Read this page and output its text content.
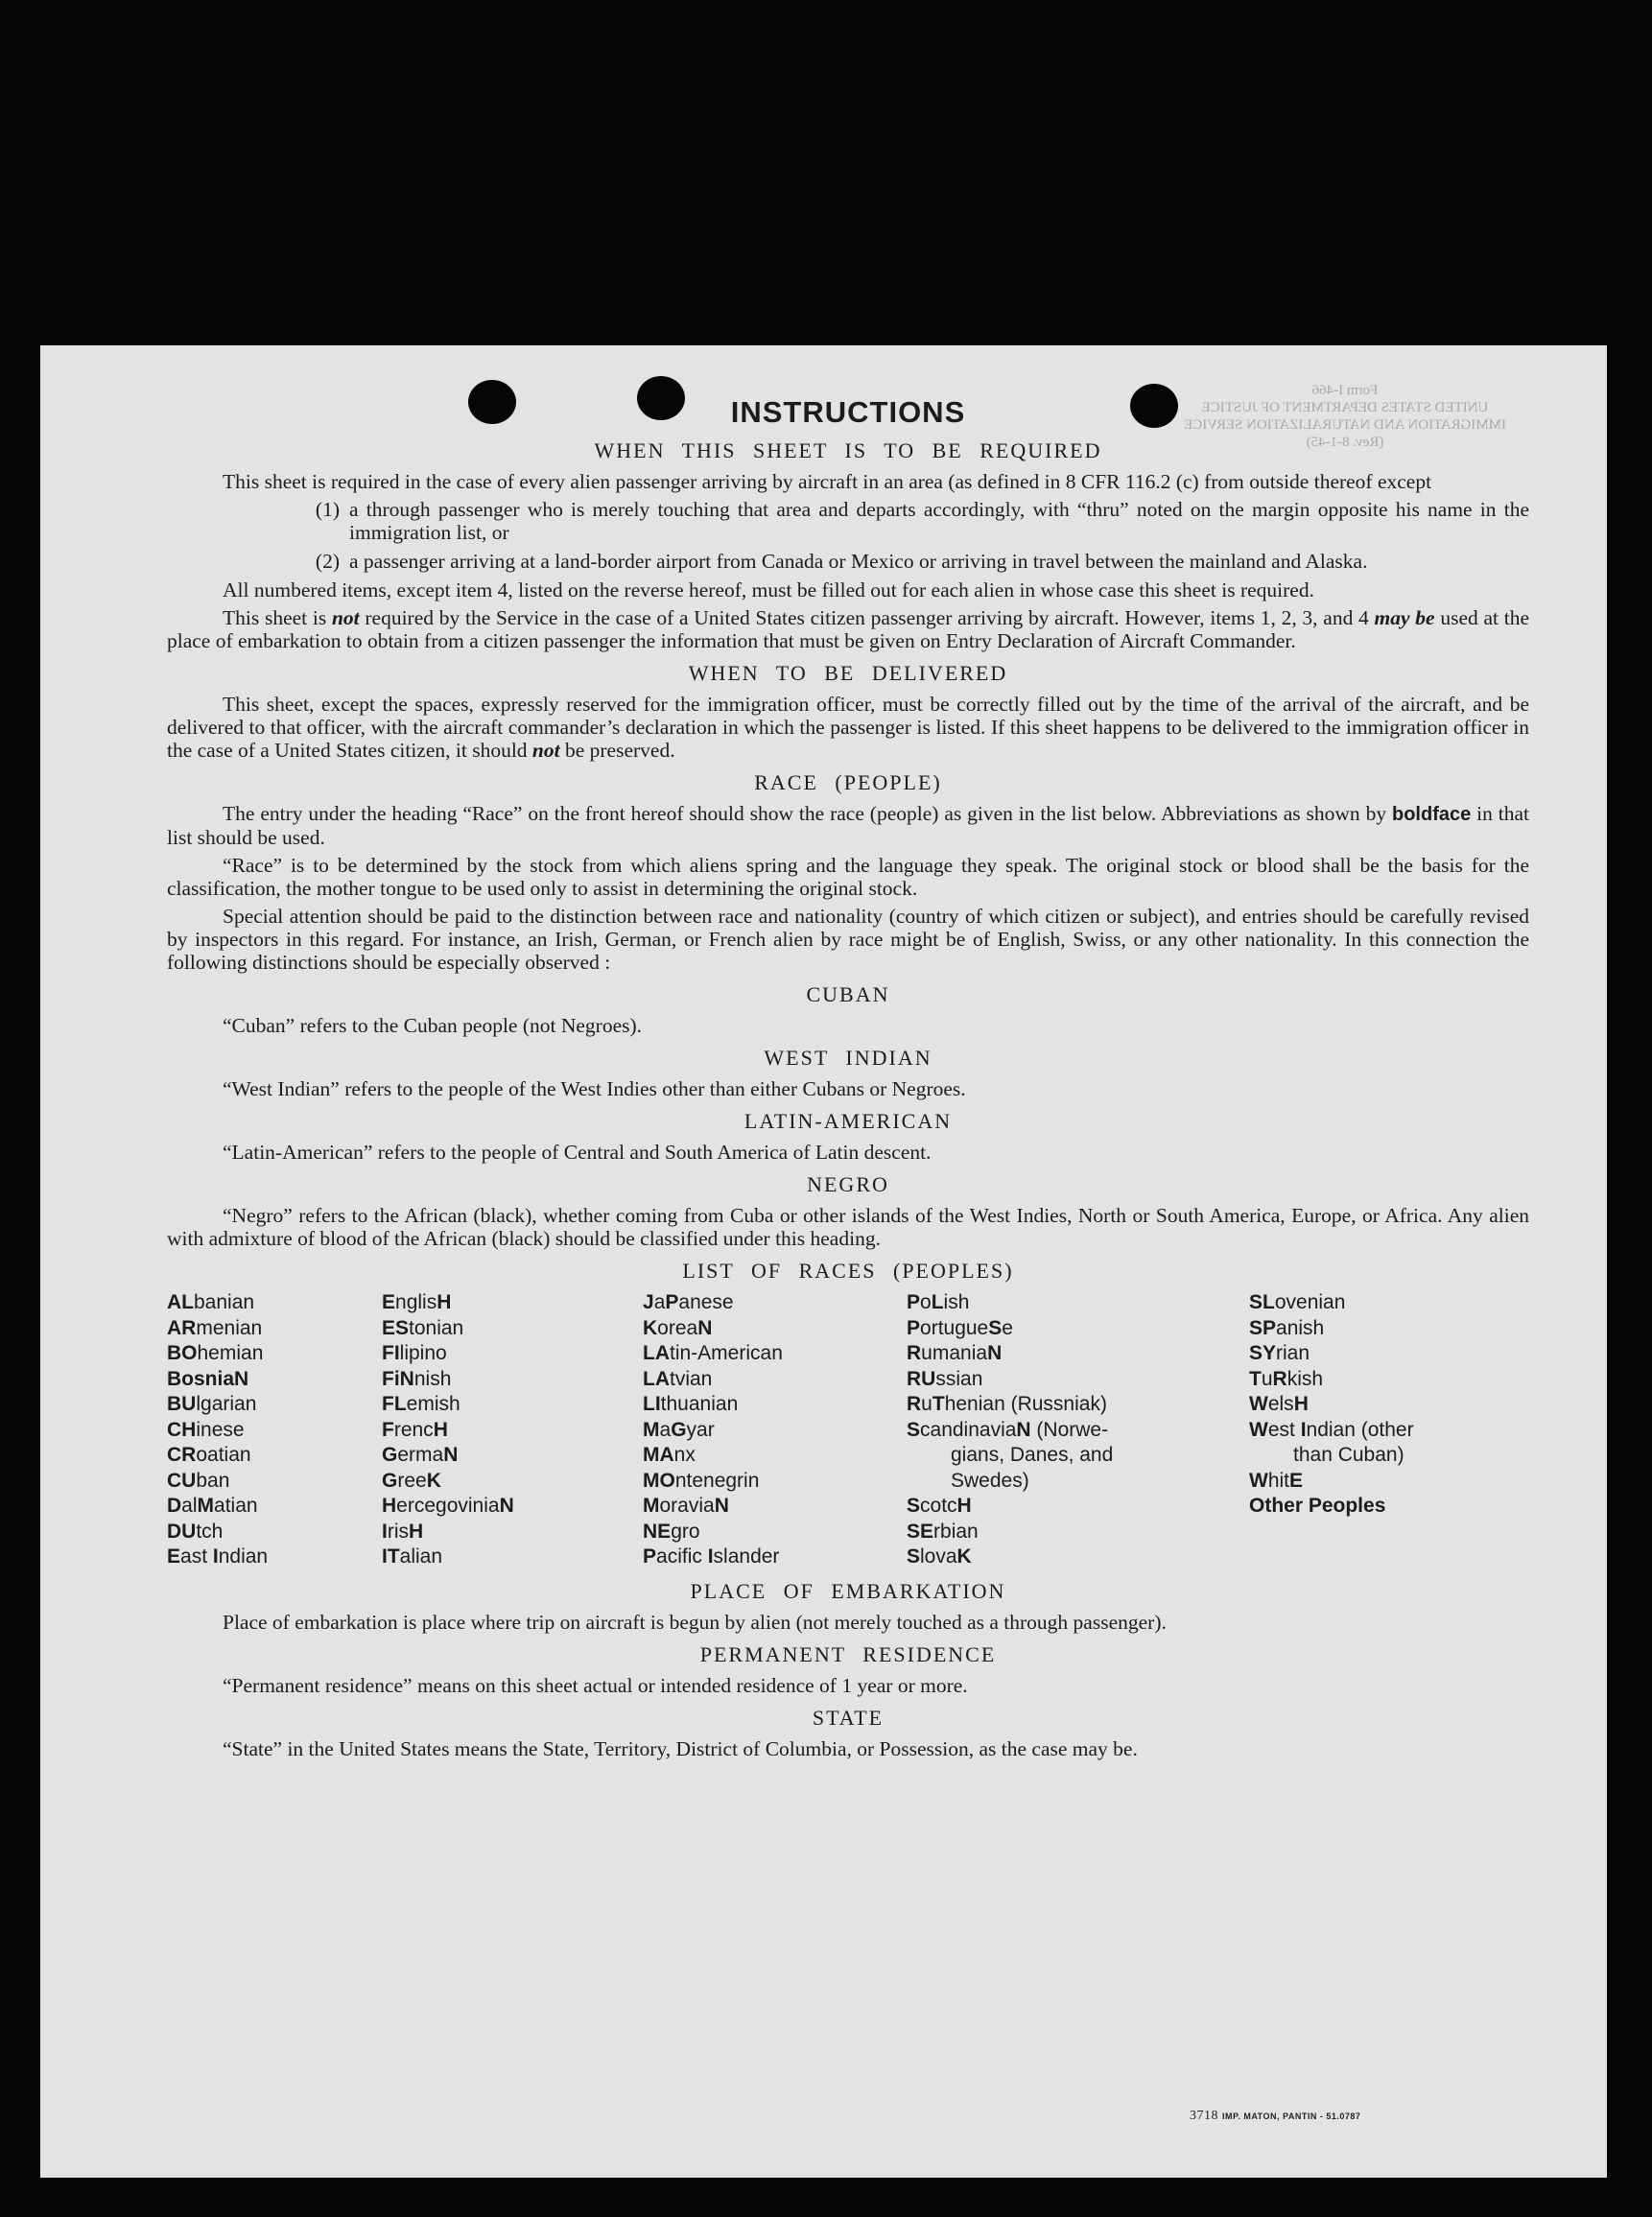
Form I-466
UNITED STATES DEPARTMENT OF JUSTICE
IMMIGRATION AND NATURALIZATION SERVICE
(Rev. 8-1-45)
INSTRUCTIONS
WHEN THIS SHEET IS TO BE REQUIRED

This sheet is required in the case of every alien passenger arriving by aircraft in an area (as defined in 8 CFR 116.2 (c) from outside thereof except

(1) a through passenger who is merely touching that area and departs accordingly, with “thru” noted on the margin opposite his name in the immigration list, or
(2) a passenger arriving at a land-border airport from Canada or Mexico or arriving in travel between the mainland and Alaska.

All numbered items, except item 4, listed on the reverse hereof, must be filled out for each alien in whose case this sheet is required.

This sheet is not required by the Service in the case of a United States citizen passenger arriving by aircraft. However, items 1, 2, 3, and 4 may be used at the place of embarkation to obtain from a citizen passenger the information that must be given on Entry Declaration of Aircraft Commander.

WHEN TO BE DELIVERED

This sheet, except the spaces, expressly reserved for the immigration officer, must be correctly filled out by the time of the arrival of the aircraft, and be delivered to that officer, with the aircraft commander’s declaration in which the passenger is listed. If this sheet happens to be delivered to the immigration officer in the case of a United States citizen, it should not be preserved.

RACE (PEOPLE)

The entry under the heading “Race” on the front hereof should show the race (people) as given in the list below. Abbreviations as shown by boldface in that list should be used.

“Race” is to be determined by the stock from which aliens spring and the language they speak. The original stock or blood shall be the basis for the classification, the mother tongue to be used only to assist in determining the original stock.

Special attention should be paid to the distinction between race and nationality (country of which citizen or subject), and entries should be carefully revised by inspectors in this regard. For instance, an Irish, German, or French alien by race might be of English, Swiss, or any other nationality. In this connection the following distinctions should be especially observed :

CUBAN

“Cuban” refers to the Cuban people (not Negroes).

WEST INDIAN

“West Indian” refers to the people of the West Indies other than either Cubans or Negroes.

LATIN-AMERICAN

“Latin-American” refers to the people of Central and South America of Latin descent.

NEGRO

“Negro” refers to the African (black), whether coming from Cuba or other islands of the West Indies, North or South America, Europe, or Africa. Any alien with admixture of blood of the African (black) should be classified under this heading.

LIST OF RACES (PEOPLES)
ALbanian
ARmenian
BOhemian
BosniaN
BUlgarian
CHinese
CRoatian
CUban
DalMatian
DUtch
East Indian
EnglisH
EStonian
FIlipino
FiNnish
FLemish
FrencH
GermaN
GreeK
HercegoviniaN
IrisH
ITalian
JaPanese
KoreaN
LAtin-American
LAtvian
LIthuanian
MaGyar
MAnx
MOntenegrin
MoraviaN
NEgro
Pacific Islander
PoLish
PortugueSe
RumaniaN
RUssian
RuThenian (Russniak)
ScandinaviaN (Norwe-
gians, Danes, and
Swedes)
ScotcH
SErbian
SlovaK
SLovenian
SPanish
SYrian
TuRkish
WelsH
West Indian (other
than Cuban)
WhitE
Other Peoples
PLACE OF EMBARKATION

Place of embarkation is place where trip on aircraft is begun by alien (not merely touched as a through passenger).

PERMANENT RESIDENCE

“Permanent residence” means on this sheet actual or intended residence of 1 year or more.

STATE

“State” in the United States means the State, Territory, District of Columbia, or Possession, as the case may be.

3718 IMP. MATON, PANTIN - 51.0787
